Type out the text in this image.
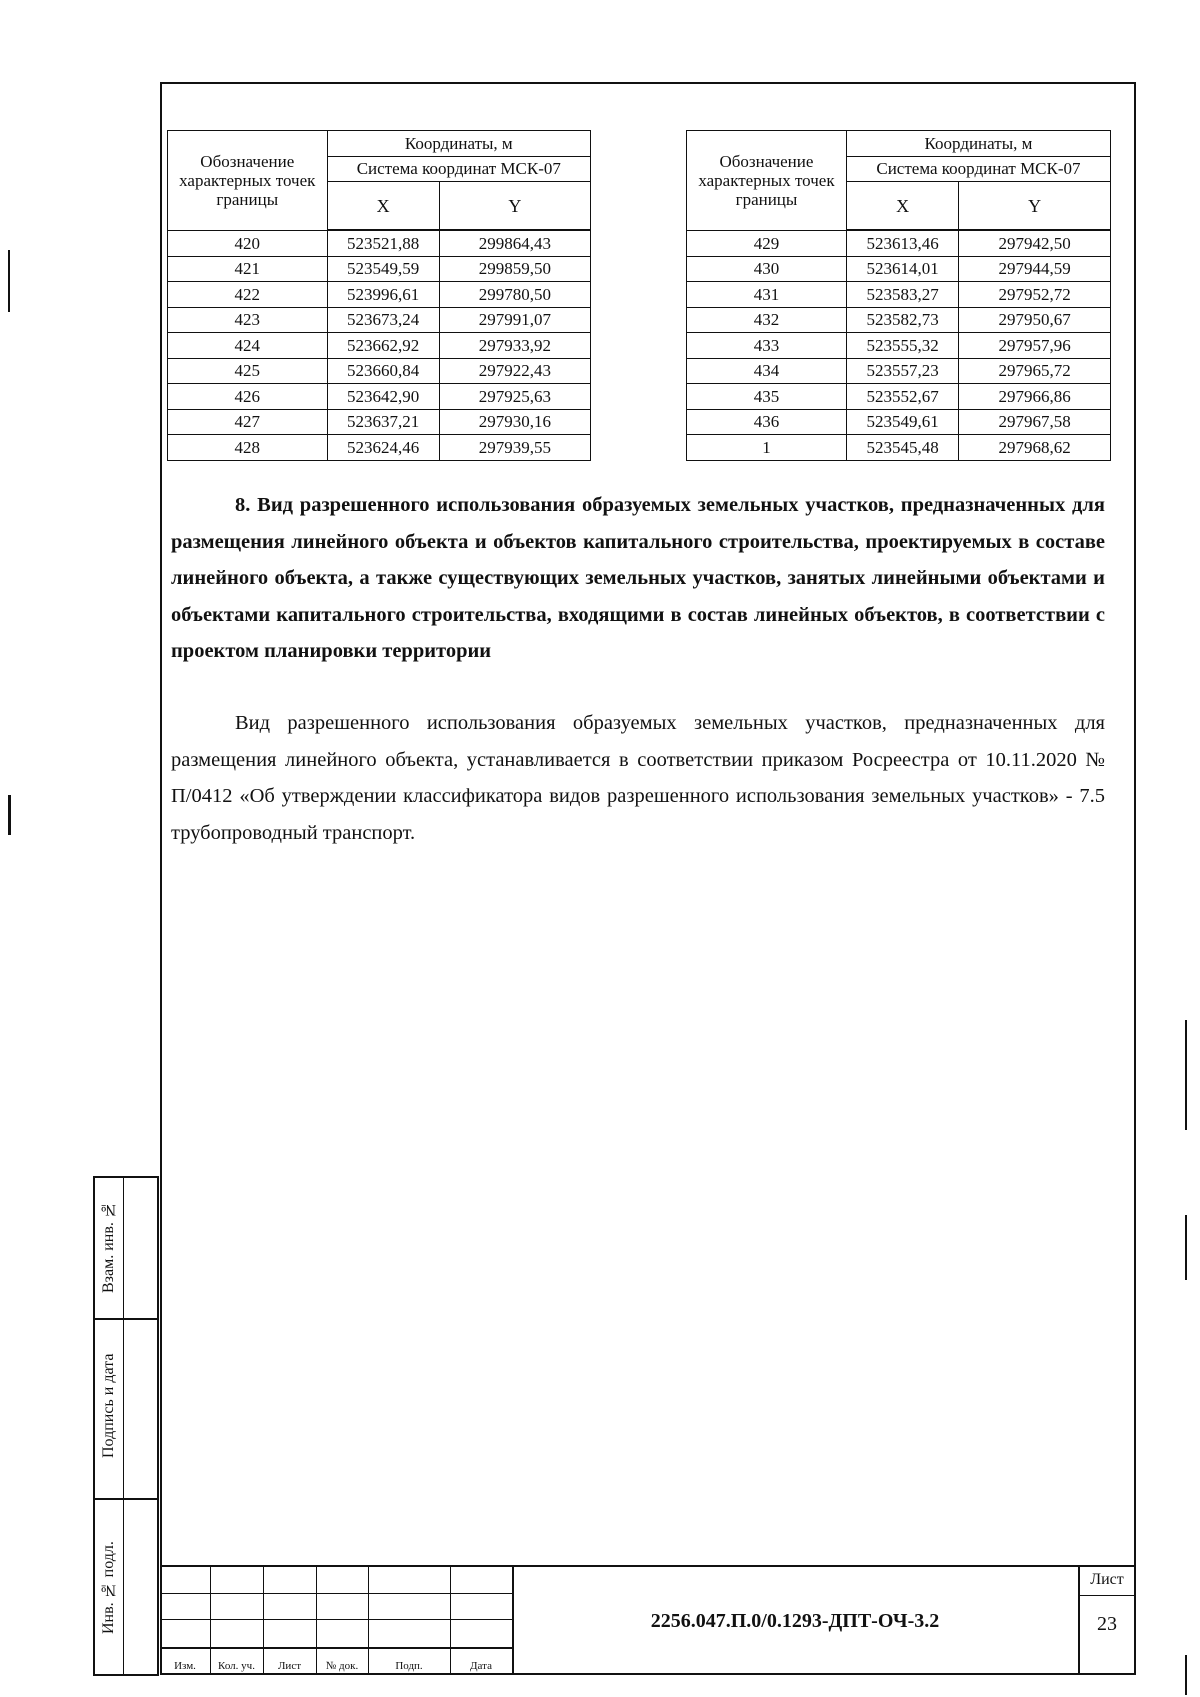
Обозначение характерных точек границы	Координаты, м	
	Система координат МСК-07	
	X	Y
420	523521,88	299864,43
421	523549,59	299859,50
422	523996,61	299780,50
423	523673,24	297991,07
424	523662,92	297933,92
425	523660,84	297922,43
426	523642,90	297925,63
427	523637,21	297930,16
428	523624,46	297939,55
Обозначение характерных точек границы	Координаты, м	
	Система координат МСК-07	
	X	Y
429	523613,46	297942,50
430	523614,01	297944,59
431	523583,27	297952,72
432	523582,73	297950,67
433	523555,32	297957,96
434	523557,23	297965,72
435	523552,67	297966,86
436	523549,61	297967,58
1	523545,48	297968,62
8. Вид разрешенного использования образуемых земельных участков, предназначенных для размещения линейного объекта и объектов капитального строительства, проектируемых в составе линейного объекта, а также существующих земельных участков, занятых линейными объектами и объектами капитального строительства, входящими в состав линейных объектов, в соответствии с проектом планировки территории
Вид разрешенного использования образуемых земельных участков, предназначенных для размещения линейного объекта, устанавливается в соответствии приказом Росреестра от 10.11.2020 № П/0412 «Об утверждении классификатора видов разрешенного использования земельных участков» - 7.5 трубопроводный транспорт.
Взам. инв. №
Подпись и дата
Инв. № подл.
Изм.	Кол. уч.	Лист	№ док.	Подп.	Дата
2256.047.П.0/0.1293-ДПТ-ОЧ-3.2
Лист
23
